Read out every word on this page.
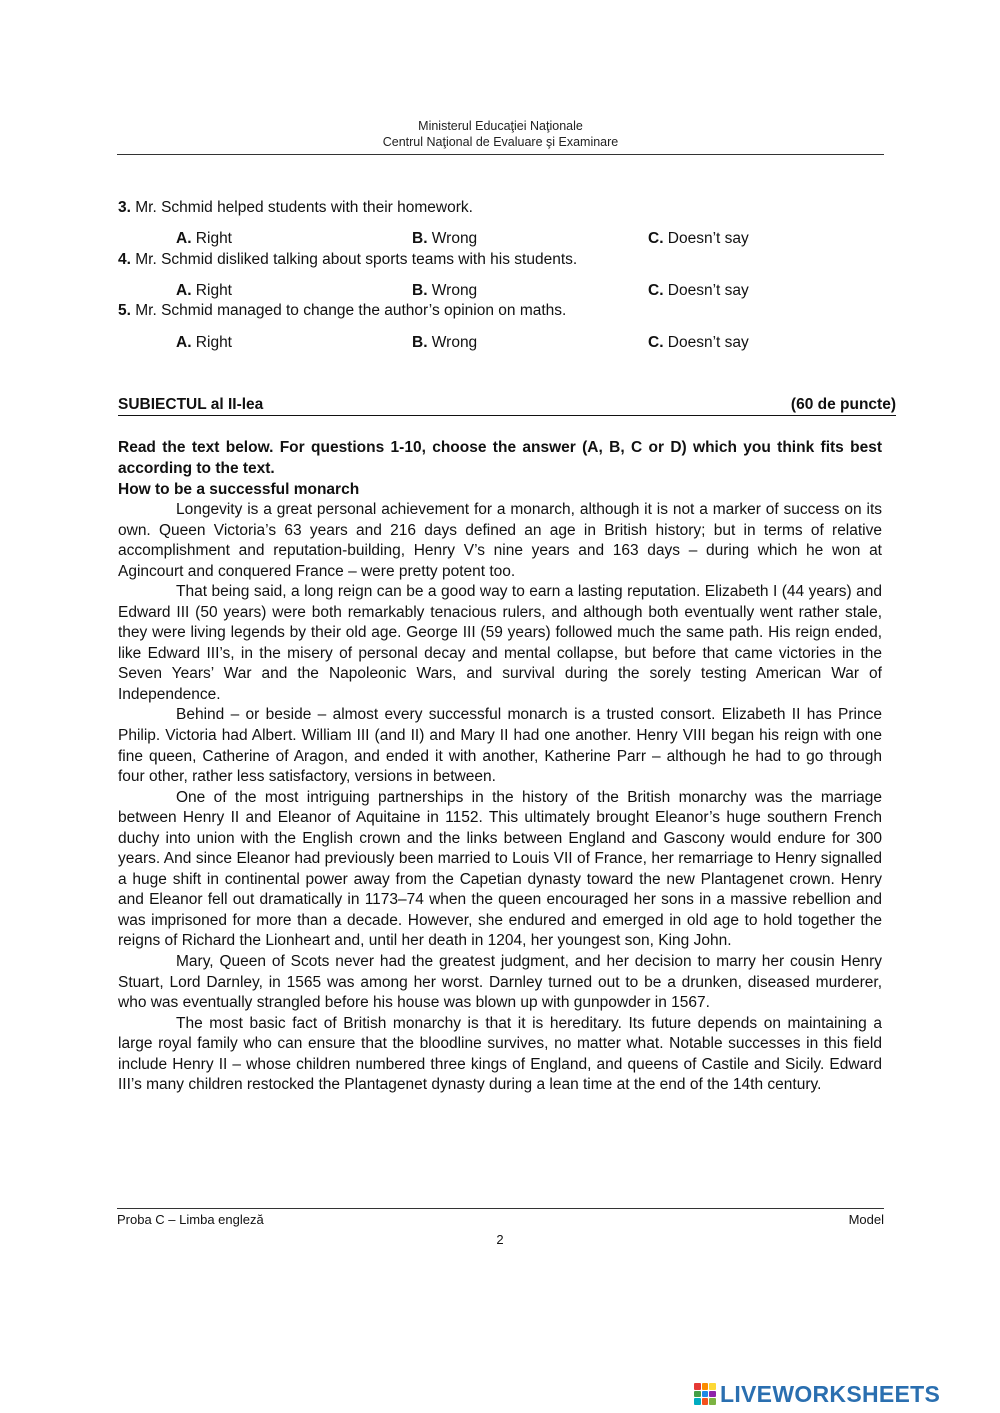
Ministerul Educaţiei Naţionale
Centrul Naţional de Evaluare şi Examinare
3. Mr. Schmid helped students with their homework.
A. Right	B. Wrong	C. Doesn’t say
4. Mr. Schmid disliked talking about sports teams with his students.
A. Right	B. Wrong	C. Doesn’t say
5. Mr. Schmid managed to change the author’s opinion on maths.
A. Right	B. Wrong	C. Doesn’t say
SUBIECTUL al II-lea	(60 de puncte)
Read the text below. For questions 1-10, choose the answer (A, B, C or D) which you think fits best according to the text.
How to be a successful monarch

Longevity is a great personal achievement for a monarch, although it is not a marker of success on its own. Queen Victoria’s 63 years and 216 days defined an age in British history; but in terms of relative accomplishment and reputation-building, Henry V’s nine years and 163 days – during which he won at Agincourt and conquered France – were pretty potent too.

That being said, a long reign can be a good way to earn a lasting reputation. Elizabeth I (44 years) and Edward III (50 years) were both remarkably tenacious rulers, and although both eventually went rather stale, they were living legends by their old age. George III (59 years) followed much the same path. His reign ended, like Edward III’s, in the misery of personal decay and mental collapse, but before that came victories in the Seven Years’ War and the Napoleonic Wars, and survival during the sorely testing American War of Independence.

Behind – or beside – almost every successful monarch is a trusted consort. Elizabeth II has Prince Philip. Victoria had Albert. William III (and II) and Mary II had one another. Henry VIII began his reign with one fine queen, Catherine of Aragon, and ended it with another, Katherine Parr – although he had to go through four other, rather less satisfactory, versions in between.

One of the most intriguing partnerships in the history of the British monarchy was the marriage between Henry II and Eleanor of Aquitaine in 1152. This ultimately brought Eleanor’s huge southern French duchy into union with the English crown and the links between England and Gascony would endure for 300 years. And since Eleanor had previously been married to Louis VII of France, her remarriage to Henry signalled a huge shift in continental power away from the Capetian dynasty toward the new Plantagenet crown. Henry and Eleanor fell out dramatically in 1173–74 when the queen encouraged her sons in a massive rebellion and was imprisoned for more than a decade. However, she endured and emerged in old age to hold together the reigns of Richard the Lionheart and, until her death in 1204, her youngest son, King John.

Mary, Queen of Scots never had the greatest judgment, and her decision to marry her cousin Henry Stuart, Lord Darnley, in 1565 was among her worst. Darnley turned out to be a drunken, diseased murderer, who was eventually strangled before his house was blown up with gunpowder in 1567.

The most basic fact of British monarchy is that it is hereditary. Its future depends on maintaining a large royal family who can ensure that the bloodline survives, no matter what. Notable successes in this field include Henry II – whose children numbered three kings of England, and queens of Castile and Sicily. Edward III’s many children restocked the Plantagenet dynasty during a lean time at the end of the 14th century.

Proba C – Limba engleză	Model
2
LIVEWORKSHEETS
